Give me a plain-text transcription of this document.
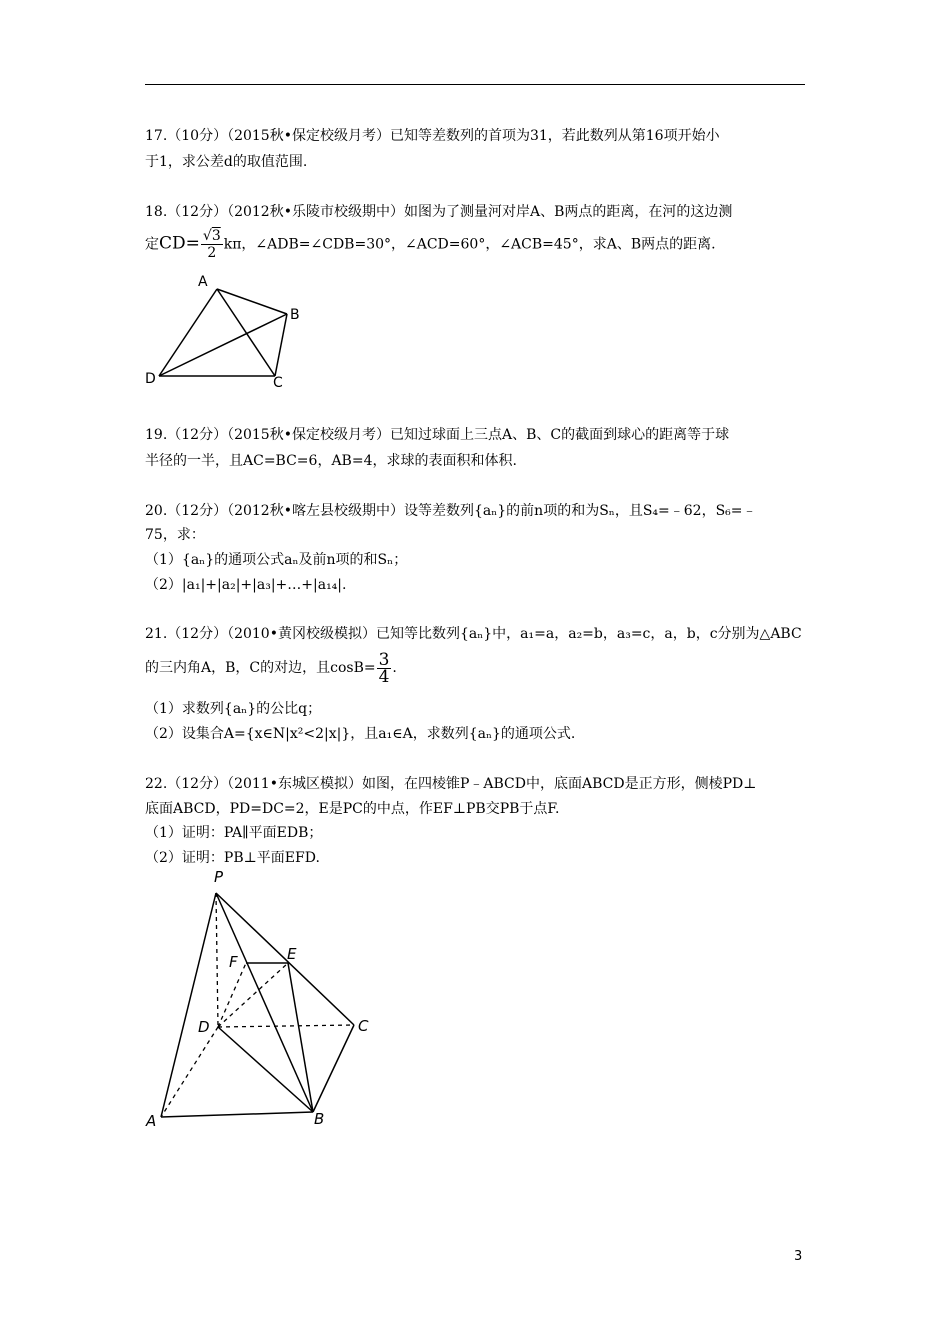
17.（10分）（2015秋•保定校级月考）已知等差数列的首项为31，若此数列从第16项开始小
于1，求公差d的取值范围.
18.（12分）（2012秋•乐陵市校级期中）如图为了测量河对岸A、B两点的距离，在河的这边测
定$CD= \frac{√3}{2}$ kπ，∠ADB=∠CDB=30°，∠ACD=60°，∠ACB=45°，求A、B两点的距离.
A
B
C
D
19.（12分）（2015秋•保定校级月考）已知过球面上三点A、B、C的截面到球心的距离等于球
半径的一半，且AC=BC=6，AB=4，求球的表面积和体积.
20.（12分）（2012秋•喀左县校级期中）设等差数列{aₙ}的前n项的和为Sₙ，且S₄=﹣62，S₆=﹣
75，求：
（1）{aₙ}的通项公式aₙ及前n项的和Sₙ；
（2）|a₁|+|a₂|+|a₃|+…+|a₁₄|.
21.（12分）（2010•黄冈校级模拟）已知等比数列{aₙ}中，a₁=a，a₂=b，a₃=c，a，b，c分别为△ABC
的三内角A，B，C的对边，且$\cos B= \frac{3}{4}$ .
（1）求数列{aₙ}的公比q；
（2）设集合A={x∈N|x²<2|x|}，且a₁∈A，求数列{aₙ}的通项公式.
22.（12分）（2011•东城区模拟）如图，在四棱锥P﹣ABCD中，底面ABCD是正方形，侧棱PD⊥
底面ABCD，PD=DC=2，E是PC的中点，作EF⊥PB交PB于点F.
（1）证明：PA∥平面EDB；
（2）证明：PB⊥平面EFD.
P
F	E
D	C
A	B
3
